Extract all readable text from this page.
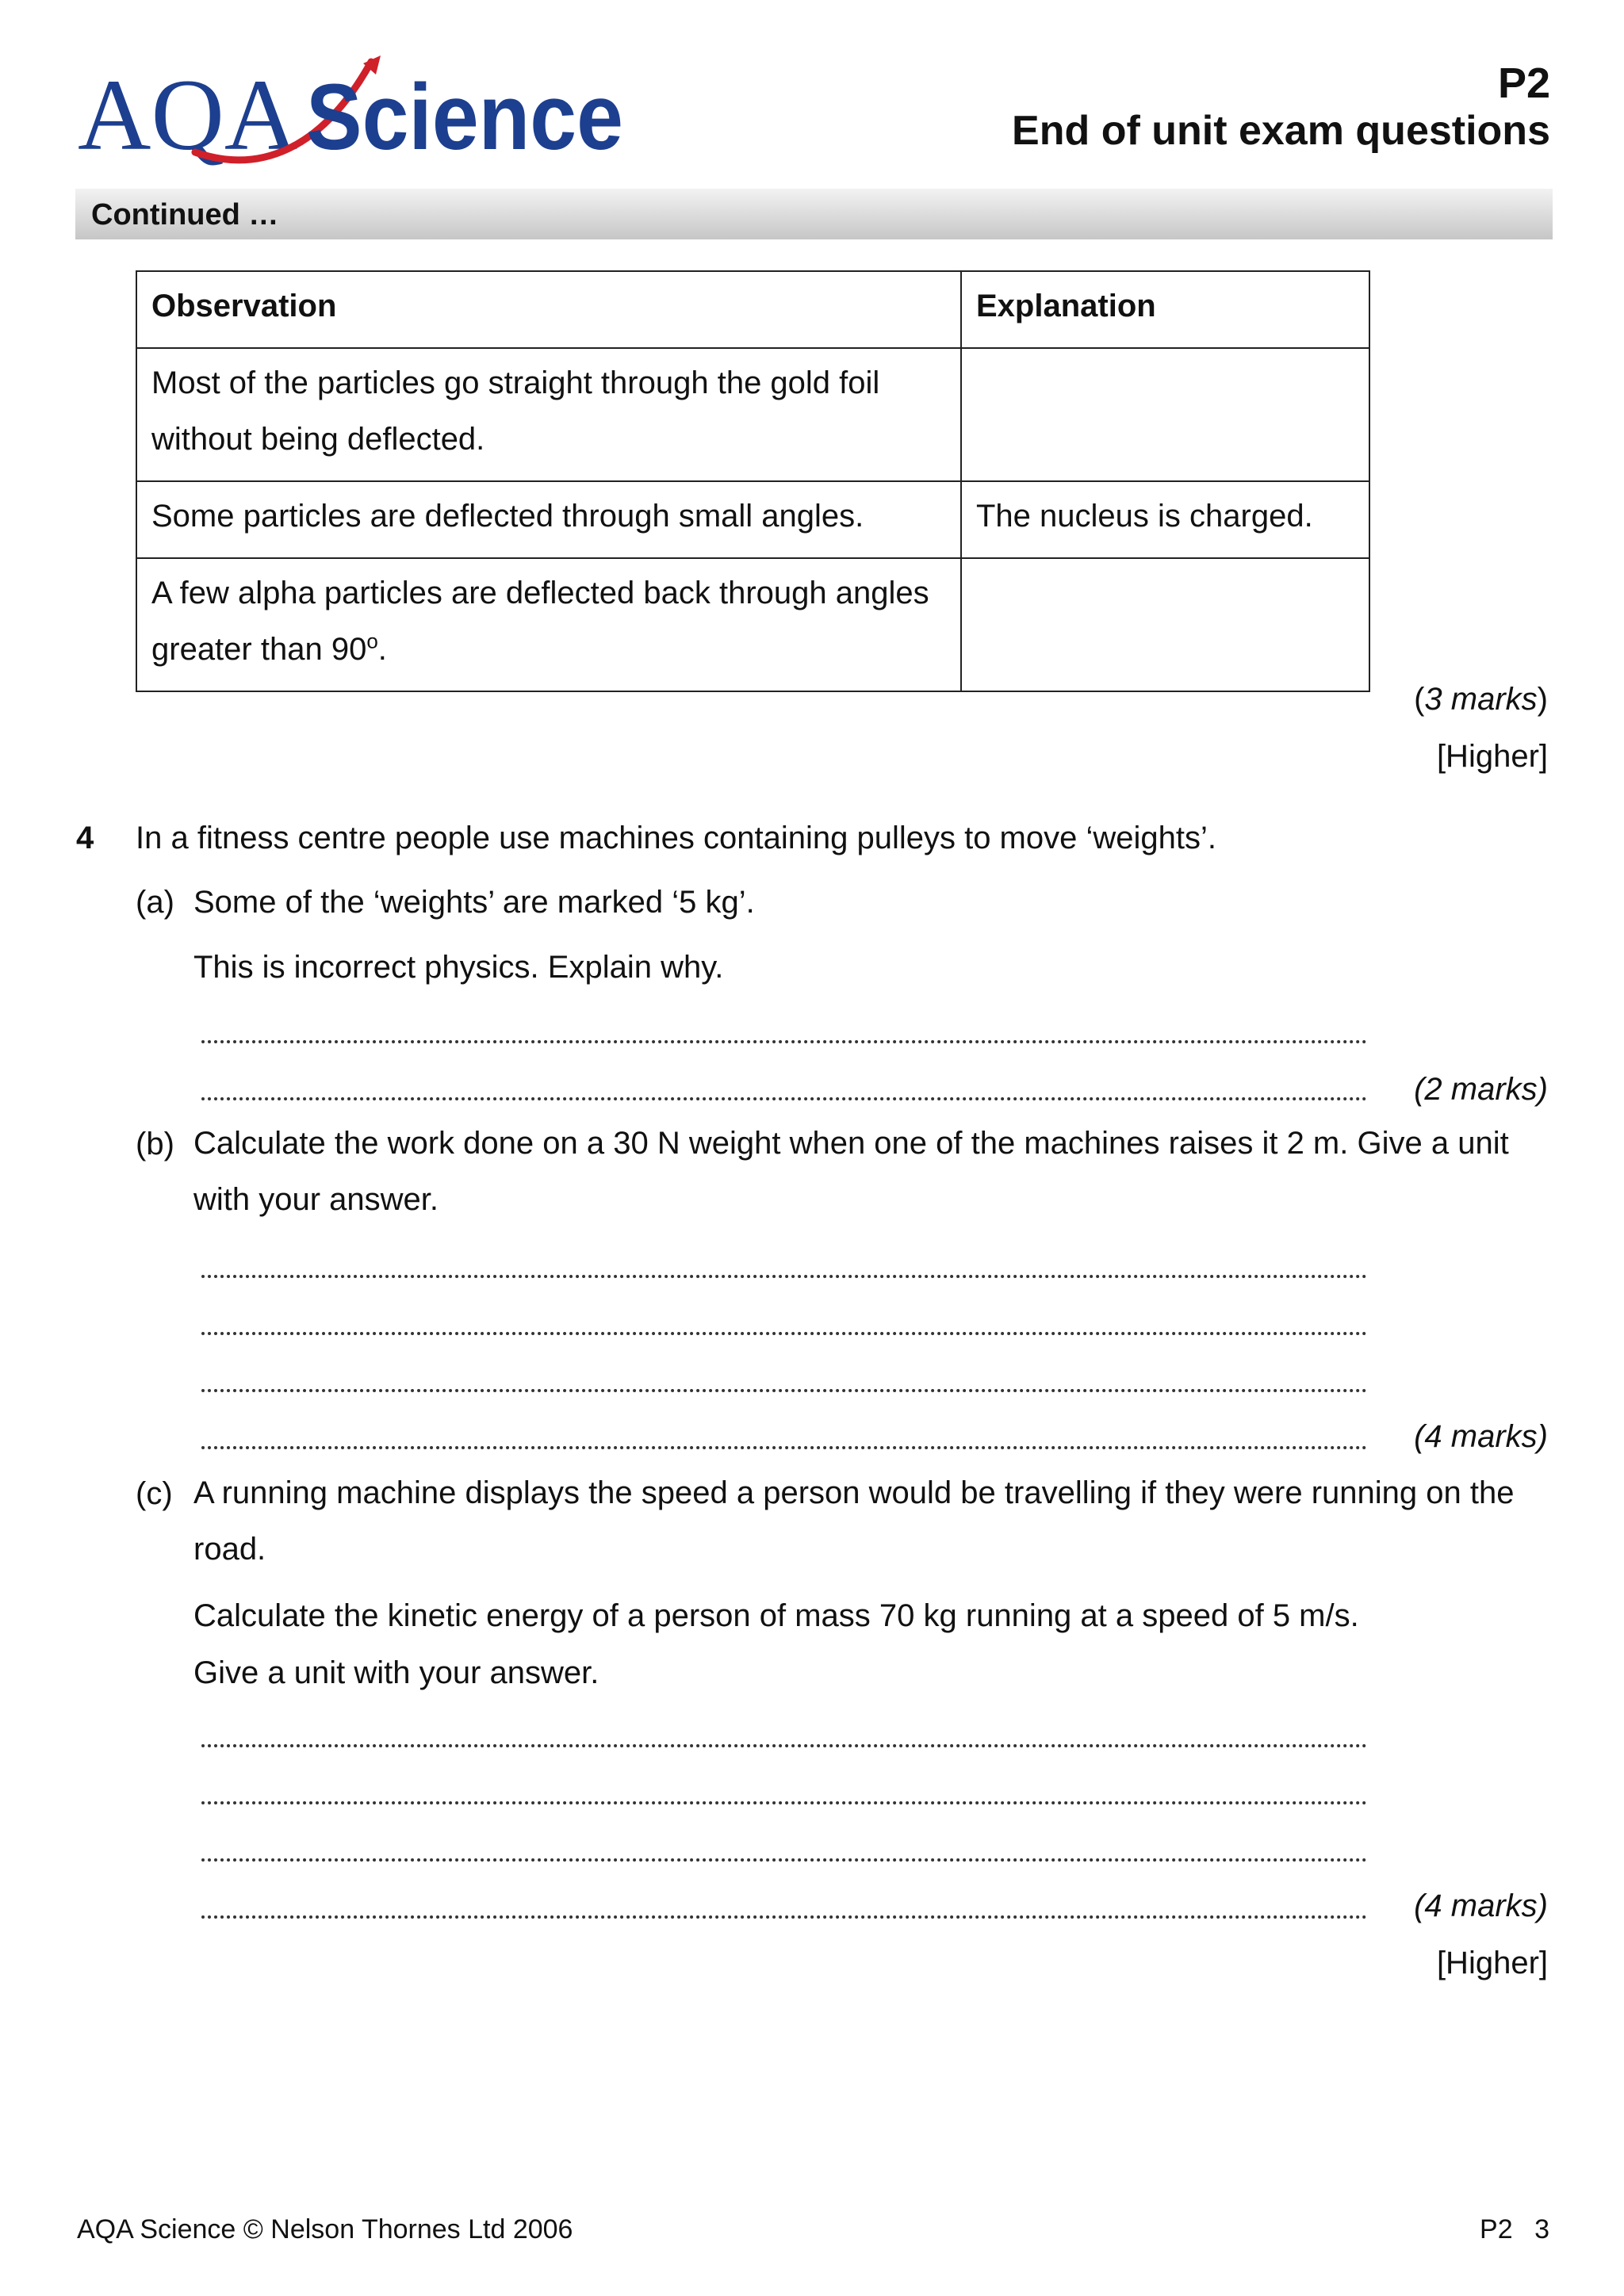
AQA Science	P2
End of unit exam questions
Continued …
Observation	Explanation
Most of the particles go straight through the gold foil without being deflected.	
Some particles are deflected through small angles.	The nucleus is charged.
A few alpha particles are deflected back through angles greater than 90$^o$.	
(3 marks)
[Higher]
4 In a fitness centre people use machines containing pulleys to move ‘weights’.
(a) Some of the ‘weights’ are marked ‘5 kg’.
This is incorrect physics. Explain why.
(2 marks)
(b) Calculate the work done on a 30 N weight when one of the machines raises it 2 m. Give a unit with your answer.
(4 marks)
(c) A running machine displays the speed a person would be travelling if they were running on the road.
Calculate the kinetic energy of a person of mass 70 kg running at a speed of 5 m/s.
Give a unit with your answer.
(4 marks)
[Higher]
AQA Science © Nelson Thornes Ltd 2006	P2 3
